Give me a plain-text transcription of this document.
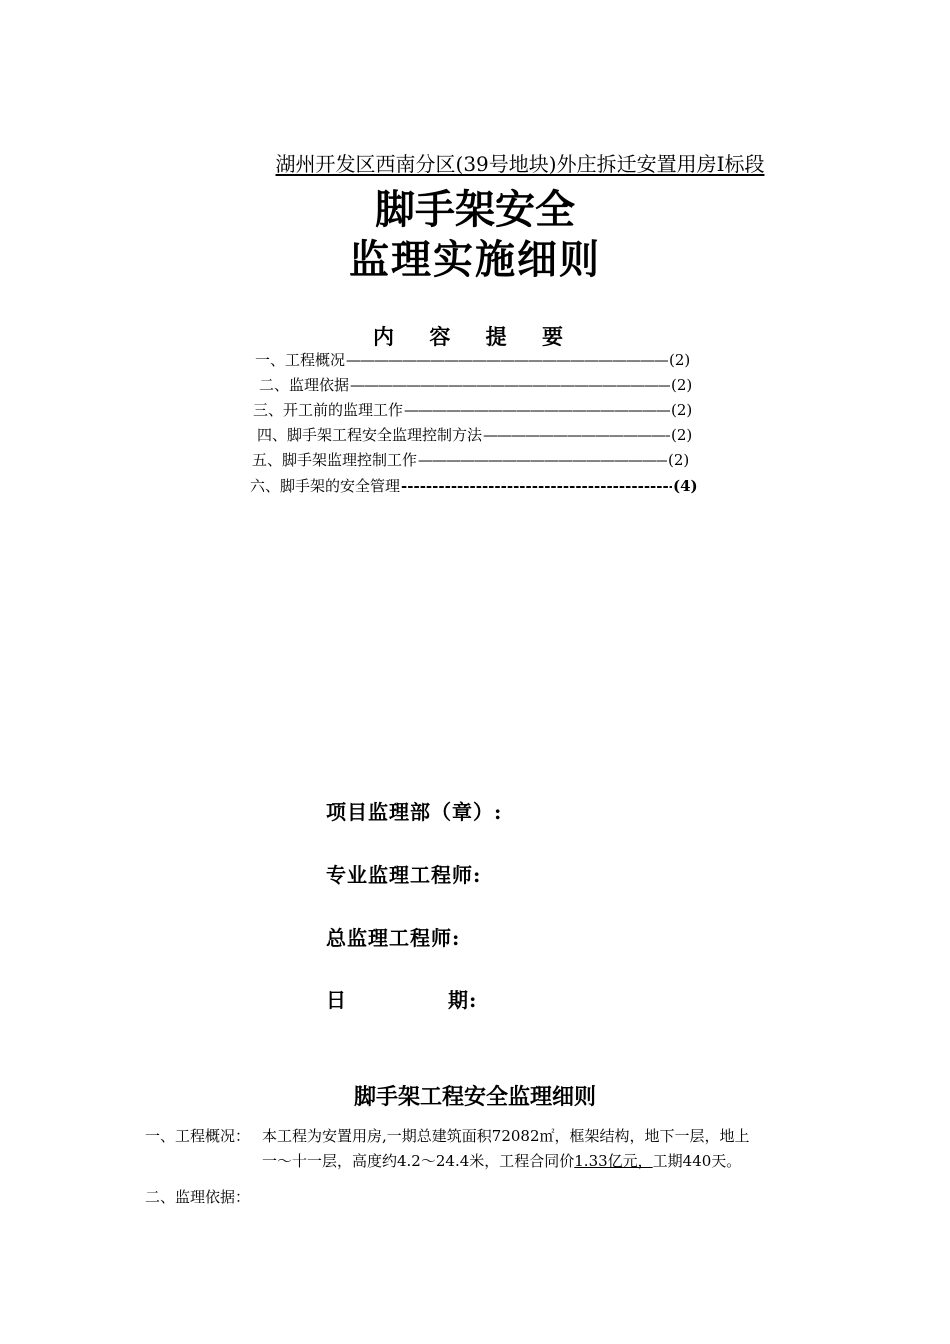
湖州开发区西南分区(39号地块)外庄拆迁安置用房Ⅰ标段
脚手架安全
监理实施细则
内 容 提 要
一、工程概况 —————	(2)
二、监理依据 —————	(2)
三、开工前的监理工作 —————	(2)
四、脚手架工程安全监理控制方法 —————	(2)
五、脚手架监理控制工作 —————	(2)
六、脚手架的安全管理 -----	(4)
项目监理部（章）:
专业监理工程师:
总监理工程师:
日	期:
脚手架工程安全监理细则
一、工程概况： 本工程为安置用房,一期总建筑面积72082㎡，框架结构，地下一层，地上
一～十一层，高度约4.2～24.4米，工程合同价1.33亿元，工期440天。
二、监理依据：
